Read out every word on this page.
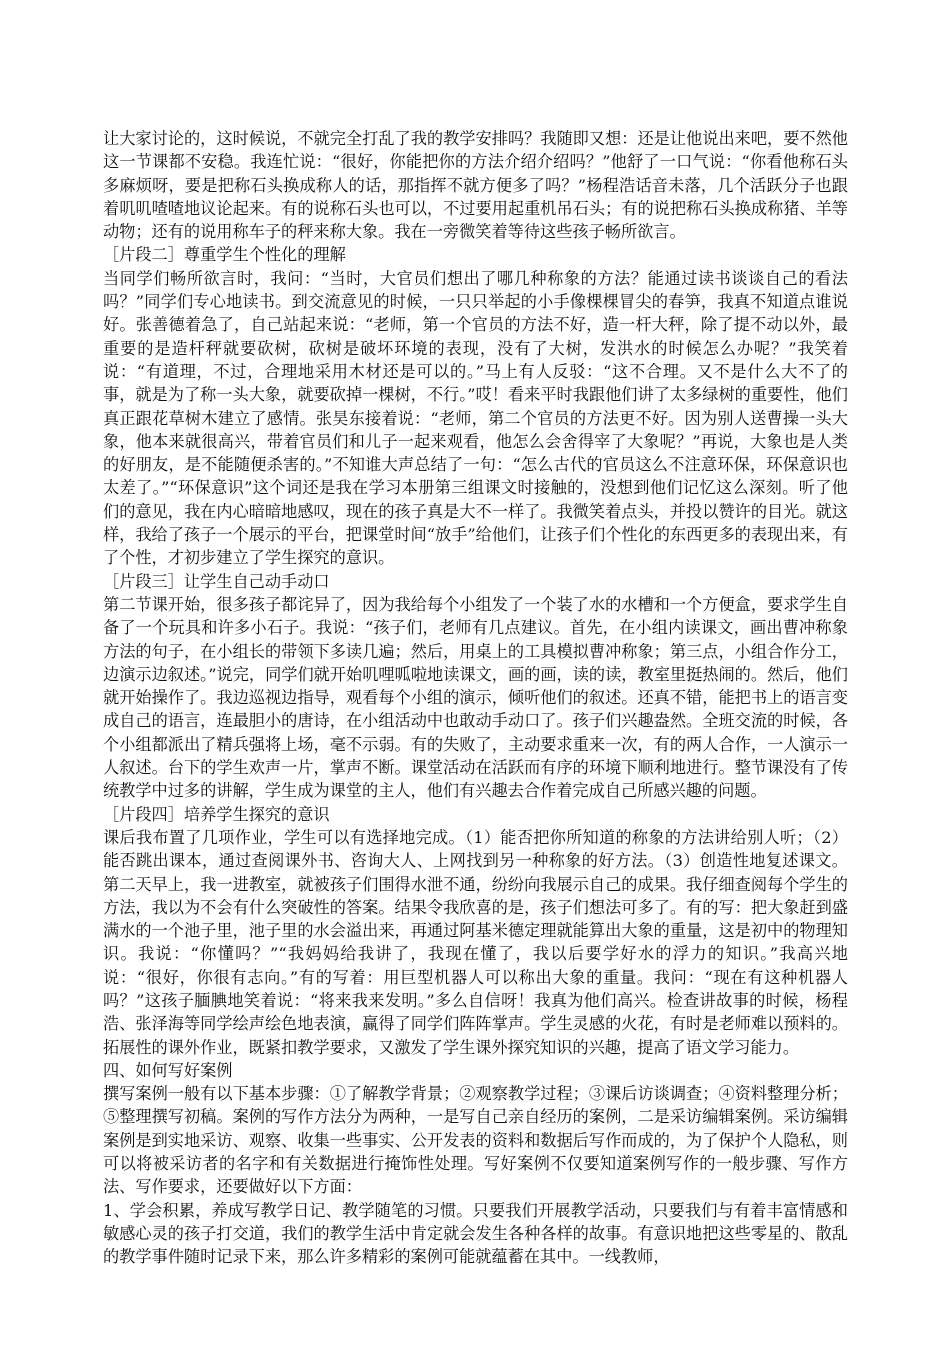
让大家讨论的，这时候说，不就完全打乱了我的教学安排吗？我随即又想：还是让他说出来吧，要不然他这一节课都不安稳。我连忙说：“很好，你能把你的方法介绍介绍吗？”他舒了一口气说：“你看他称石头多麻烦呀，要是把称石头换成称人的话，那指挥不就方便多了吗？”杨程浩话音未落，几个活跃分子也跟着叽叽喳喳地议论起来。有的说称石头也可以，不过要用起重机吊石头；有的说把称石头换成称猪、羊等动物；还有的说用称车子的秤来称大象。我在一旁微笑着等待这些孩子畅所欲言。

［片段二］尊重学生个性化的理解

当同学们畅所欲言时，我问：“当时，大官员们想出了哪几种称象的方法？能通过读书谈谈自己的看法吗？”同学们专心地读书。到交流意见的时候，一只只举起的小手像棵棵冒尖的春笋，我真不知道点谁说好。张善德着急了，自己站起来说：“老师，第一个官员的方法不好，造一杆大秤，除了提不动以外，最重要的是造杆秤就要砍树，砍树是破坏环境的表现，没有了大树，发洪水的时候怎么办呢？”我笑着说：“有道理，不过，合理地采用木材还是可以的。”马上有人反驳：“这不合理。又不是什么大不了的事，就是为了称一头大象，就要砍掉一棵树，不行。”哎！看来平时我跟他们讲了太多绿树的重要性，他们真正跟花草树木建立了感情。张昊东接着说：“老师，第二个官员的方法更不好。因为别人送曹操一头大象，他本来就很高兴，带着官员们和儿子一起来观看，他怎么会舍得宰了大象呢？”再说，大象也是人类的好朋友，是不能随便杀害的。”不知谁大声总结了一句：“怎么古代的官员这么不注意环保，环保意识也太差了。”“环保意识”这个词还是我在学习本册第三组课文时接触的，没想到他们记忆这么深刻。听了他们的意见，我在内心暗暗地感叹，现在的孩子真是大不一样了。我微笑着点头，并投以赞许的目光。就这样，我给了孩子一个展示的平台，把课堂时间“放手”给他们，让孩子们个性化的东西更多的表现出来，有了个性，才初步建立了学生探究的意识。

［片段三］让学生自己动手动口

第二节课开始，很多孩子都诧异了，因为我给每个小组发了一个装了水的水槽和一个方便盒，要求学生自备了一个玩具和许多小石子。我说：“孩子们，老师有几点建议。首先，在小组内读课文，画出曹冲称象方法的句子，在小组长的带领下多读几遍；然后，用桌上的工具模拟曹冲称象；第三点，小组合作分工，边演示边叙述。”说完，同学们就开始叽哩呱啦地读课文，画的画，读的读，教室里挺热闹的。然后，他们就开始操作了。我边巡视边指导，观看每个小组的演示，倾听他们的叙述。还真不错，能把书上的语言变成自己的语言，连最胆小的唐诗，在小组活动中也敢动手动口了。孩子们兴趣盎然。全班交流的时候，各个小组都派出了精兵强将上场，毫不示弱。有的失败了，主动要求重来一次，有的两人合作，一人演示一人叙述。台下的学生欢声一片，掌声不断。课堂活动在活跃而有序的环境下顺利地进行。整节课没有了传统教学中过多的讲解，学生成为课堂的主人，他们有兴趣去合作着完成自己所感兴趣的问题。

［片段四］培养学生探究的意识

课后我布置了几项作业，学生可以有选择地完成。（1）能否把你所知道的称象的方法讲给别人听；（2）能否跳出课本，通过查阅课外书、咨询大人、上网找到另一种称象的好方法。（3）创造性地复述课文。第二天早上，我一进教室，就被孩子们围得水泄不通，纷纷向我展示自己的成果。我仔细查阅每个学生的方法，我以为不会有什么突破性的答案。结果令我欣喜的是，孩子们想法可多了。有的写：把大象赶到盛满水的一个池子里，池子里的水会溢出来，再通过阿基米德定理就能算出大象的重量，这是初中的物理知识。我说：“你懂吗？”“我妈妈给我讲了，我现在懂了，我以后要学好水的浮力的知识。”我高兴地说：“很好，你很有志向。”有的写着：用巨型机器人可以称出大象的重量。我问：“现在有这种机器人吗？”这孩子腼腆地笑着说：“将来我来发明。”多么自信呀！我真为他们高兴。检查讲故事的时候，杨程浩、张泽海等同学绘声绘色地表演，赢得了同学们阵阵掌声。学生灵感的火花，有时是老师难以预料的。拓展性的课外作业，既紧扣教学要求，又激发了学生课外探究知识的兴趣，提高了语文学习能力。

四、如何写好案例

撰写案例一般有以下基本步骤：①了解教学背景；②观察教学过程；③课后访谈调查；④资料整理分析；⑤整理撰写初稿。案例的写作方法分为两种，一是写自己亲自经历的案例，二是采访编辑案例。采访编辑案例是到实地采访、观察、收集一些事实、公开发表的资料和数据后写作而成的，为了保护个人隐私，则可以将被采访者的名字和有关数据进行掩饰性处理。写好案例不仅要知道案例写作的一般步骤、写作方法、写作要求，还要做好以下方面：

1、学会积累，养成写教学日记、教学随笔的习惯。只要我们开展教学活动，只要我们与有着丰富情感和敏感心灵的孩子打交道，我们的教学生活中肯定就会发生各种各样的故事。有意识地把这些零星的、散乱的教学事件随时记录下来，那么许多精彩的案例可能就蕴蓄在其中。一线教师，
